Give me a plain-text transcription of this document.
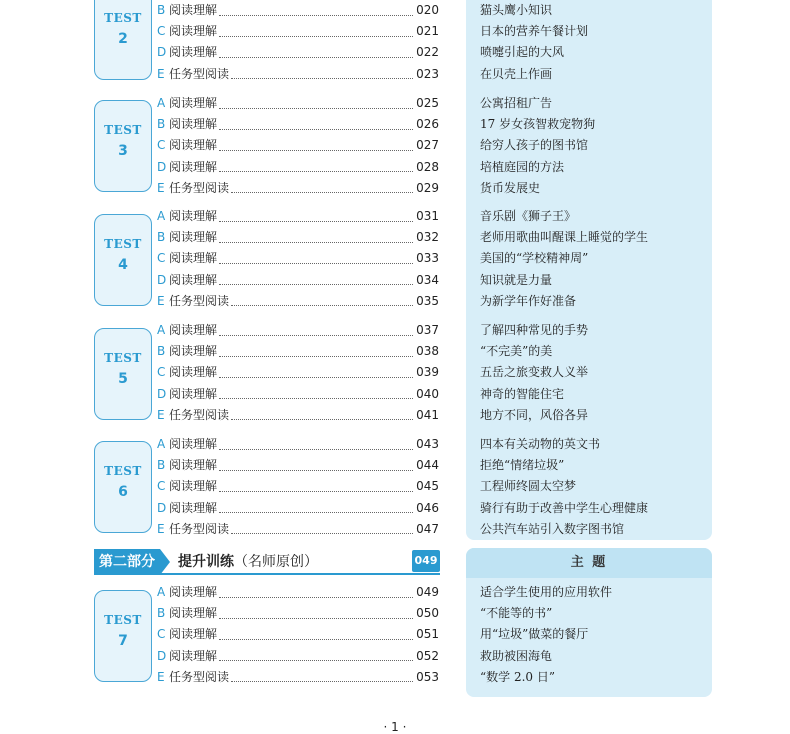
主 题
第二部分	提升训练（名师原创）	049
TEST
2
B 阅读理解	020	猫头鹰小知识
C 阅读理解	021	日本的营养午餐计划
D 阅读理解	022	喷嚏引起的大风
E 任务型阅读	023	在贝壳上作画
TEST
3
A 阅读理解	025	公寓招租广告
B 阅读理解	026	17 岁女孩智救宠物狗
C 阅读理解	027	给穷人孩子的图书馆
D 阅读理解	028	培植庭园的方法
E 任务型阅读	029	货币发展史
TEST
4
A 阅读理解	031	音乐剧《狮子王》
B 阅读理解	032	老师用歌曲叫醒课上睡觉的学生
C 阅读理解	033	美国的“学校精神周”
D 阅读理解	034	知识就是力量
E 任务型阅读	035	为新学年作好准备
TEST
5
A 阅读理解	037	了解四种常见的手势
B 阅读理解	038	“不完美”的美
C 阅读理解	039	五岳之旅变救人义举
D 阅读理解	040	神奇的智能住宅
E 任务型阅读	041	地方不同，风俗各异
TEST
6
A 阅读理解	043	四本有关动物的英文书
B 阅读理解	044	拒绝“情绪垃圾”
C 阅读理解	045	工程师终圆太空梦
D 阅读理解	046	骑行有助于改善中学生心理健康
E 任务型阅读	047	公共汽车站引入数字图书馆
TEST
7
A 阅读理解	049	适合学生使用的应用软件
B 阅读理解	050	“不能等的书”
C 阅读理解	051	用“垃圾”做菜的餐厅
D 阅读理解	052	救助被困海龟
E 任务型阅读	053	“数学 2.0 日”
· 1 ·
